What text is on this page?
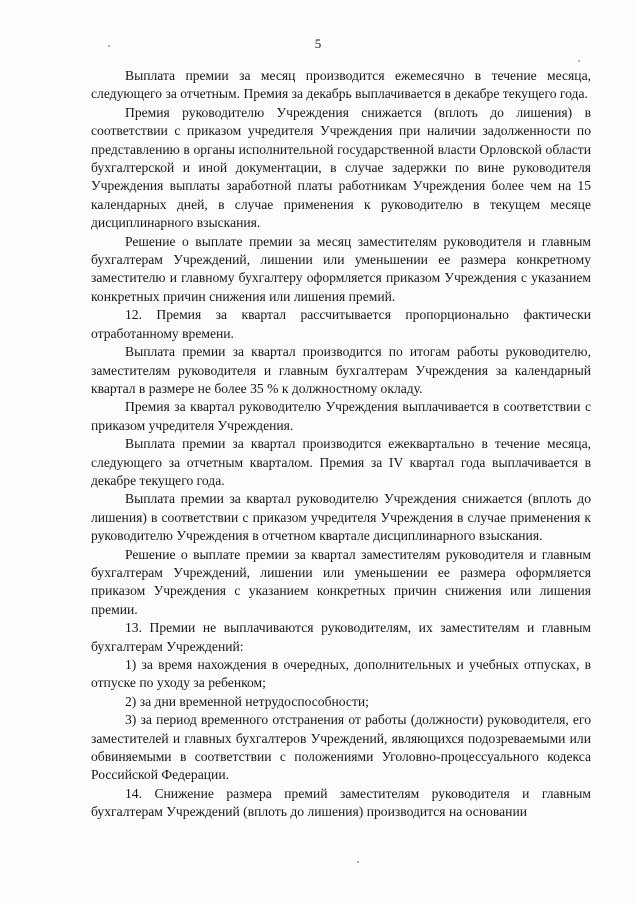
5

Выплата премии за месяц производится ежемесячно в течение месяца, следующего за отчетным. Премия за декабрь выплачивается в декабре текущего года.

Премия руководителю Учреждения снижается (вплоть до лишения) в соответствии с приказом учредителя Учреждения при наличии задолженности по представлению в органы исполнительной государственной власти Орловской области бухгалтерской и иной документации, в случае задержки по вине руководителя Учреждения выплаты заработной платы работникам Учреждения более чем на 15 календарных дней, в случае применения к руководителю в текущем месяце дисциплинарного взыскания.

Решение о выплате премии за месяц заместителям руководителя и главным бухгалтерам Учреждений, лишении или уменьшении ее размера конкретному заместителю и главному бухгалтеру оформляется приказом Учреждения с указанием конкретных причин снижения или лишения премий.

12. Премия за квартал рассчитывается пропорционально фактически отработанному времени.

Выплата премии за квартал производится по итогам работы руководителю, заместителям руководителя и главным бухгалтерам Учреждения за календарный квартал в размере не более 35 % к должностному окладу.

Премия за квартал руководителю Учреждения выплачивается в соответствии с приказом учредителя Учреждения.

Выплата премии за квартал производится ежеквартально в течение месяца, следующего за отчетным кварталом. Премия за IV квартал года выплачивается в декабре текущего года.

Выплата премии за квартал руководителю Учреждения снижается (вплоть до лишения) в соответствии с приказом учредителя Учреждения в случае применения к руководителю Учреждения в отчетном квартале дисциплинарного взыскания.

Решение о выплате премии за квартал заместителям руководителя и главным бухгалтерам Учреждений, лишении или уменьшении ее размера оформляется приказом Учреждения с указанием конкретных причин снижения или лишения премии.

13. Премии не выплачиваются руководителям, их заместителям и главным бухгалтерам Учреждений:

1) за время нахождения в очередных, дополнительных и учебных отпусках, в отпуске по уходу за ребенком;

2) за дни временной нетрудоспособности;

3) за период временного отстранения от работы (должности) руководителя, его заместителей и главных бухгалтеров Учреждений, являющихся подозреваемыми или обвиняемыми в соответствии с положениями Уголовно-процессуального кодекса Российской Федерации.

14. Снижение размера премий заместителям руководителя и главным бухгалтерам Учреждений (вплоть до лишения) производится на основании
